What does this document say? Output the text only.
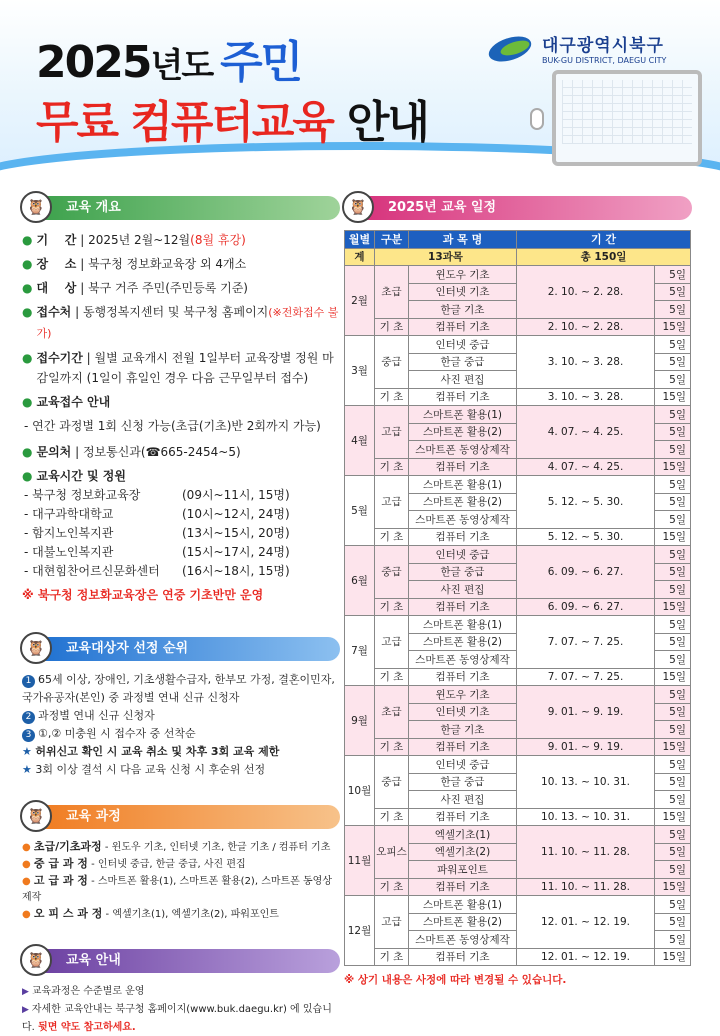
2025년도 주민
무료 컴퓨터교육 안내
대구광역시북구
BUK-GU DISTRICT, DAEGU CITY
🦉	교육 개요
● 기    간 | 2025년 2월~12월(8월 휴강)
● 장    소 | 북구청 정보화교육장 외 4개소
● 대    상 | 북구 거주 주민(주민등록 기준)
● 접수처 | 동행정복지센터 및 북구청 홈페이지(※전화접수 불가)
● 접수기간 | 월별 교육개시 전월 1일부터 교육장별 정원 마감일까지 (1일이 휴일인 경우 다음 근무일부터 접수)
● 교육접수 안내
- 연간 과정별 1회 신청 가능(초급(기초)반 2회까지 가능)
● 문의처 | 정보통신과(☎665-2454~5)
● 교육시간 및 정원
- 북구청 정보화교육장	(09시~11시, 15명)
- 대구과학대학교	(10시~12시, 24명)
- 함지노인복지관	(13시~15시, 20명)
- 대불노인복지관	(15시~17시, 24명)
- 대현힘찬어르신문화센터	(16시~18시, 15명)
※ 북구청 정보화교육장은 연중 기초반만 운영
🦉	교육대상자 선정 순위
1 65세 이상, 장애인, 기초생활수급자, 한부모 가정, 결혼이민자, 국가유공자(본인) 중 과정별 연내 신규 신청자
2 과정별 연내 신규 신청자
3 ①,② 미충원 시 접수자 중 선착순
★ 허위신고 확인 시 교육 취소 및 차후 3회 교육 제한
★ 3회 이상 결석 시 다음 교육 신청 시 후순위 선정
🦉	교육 과정
● 초급/기초과정 - 윈도우 기초, 인터넷 기초, 한글 기초 / 컴퓨터 기초
● 중 급 과 정 - 인터넷 중급, 한글 중급, 사진 편집
● 고 급 과 정 - 스마트폰 활용(1), 스마트폰 활용(2), 스마트폰 동영상 제작
● 오 피 스 과 정 - 엑셀기초(1), 엑셀기초(2), 파워포인트
🦉	교육 안내
▶ 교육과정은 수준별로 운영
▶ 자세한 교육안내는 북구청 홈페이지(www.buk.daegu.kr) 에 있습니다. 뒷면 약도 참고하세요.
🦉	2025년 교육 일정
월별	구분	과 목 명	기 간	
계	13과목		총 150일	
2월	초급	윈도우 기초	2. 10. ~ 2. 28.	5일
		인터넷 기초		5일
		한글 기초		5일
	기 초	컴퓨터 기초	2. 10. ~ 2. 28.	15일
3월	중급	인터넷 중급	3. 10. ~ 3. 28.	5일
		한글 중급		5일
		사진 편집		5일
	기 초	컴퓨터 기초	3. 10. ~ 3. 28.	15일
4월	고급	스마트폰 활용(1)	4. 07. ~ 4. 25.	5일
		스마트폰 활용(2)		5일
		스마트폰 동영상제작		5일
	기 초	컴퓨터 기초	4. 07. ~ 4. 25.	15일
5월	고급	스마트폰 활용(1)	5. 12. ~ 5. 30.	5일
		스마트폰 활용(2)		5일
		스마트폰 동영상제작		5일
	기 초	컴퓨터 기초	5. 12. ~ 5. 30.	15일
6월	중급	인터넷 중급	6. 09. ~ 6. 27.	5일
		한글 중급		5일
		사진 편집		5일
	기 초	컴퓨터 기초	6. 09. ~ 6. 27.	15일
7월	고급	스마트폰 활용(1)	7. 07. ~ 7. 25.	5일
		스마트폰 활용(2)		5일
		스마트폰 동영상제작		5일
	기 초	컴퓨터 기초	7. 07. ~ 7. 25.	15일
9월	초급	윈도우 기초	9. 01. ~ 9. 19.	5일
		인터넷 기초		5일
		한글 기초		5일
	기 초	컴퓨터 기초	9. 01. ~ 9. 19.	15일
10월	중급	인터넷 중급	10. 13. ~ 10. 31.	5일
		한글 중급		5일
		사진 편집		5일
	기 초	컴퓨터 기초	10. 13. ~ 10. 31.	15일
11월	오피스	엑셀기초(1)	11. 10. ~ 11. 28.	5일
		엑셀기초(2)		5일
		파워포인트		5일
	기 초	컴퓨터 기초	11. 10. ~ 11. 28.	15일
12월	고급	스마트폰 활용(1)	12. 01. ~ 12. 19.	5일
		스마트폰 활용(2)		5일
		스마트폰 동영상제작		5일
	기 초	컴퓨터 기초	12. 01. ~ 12. 19.	15일
※ 상기 내용은 사정에 따라 변경될 수 있습니다.
